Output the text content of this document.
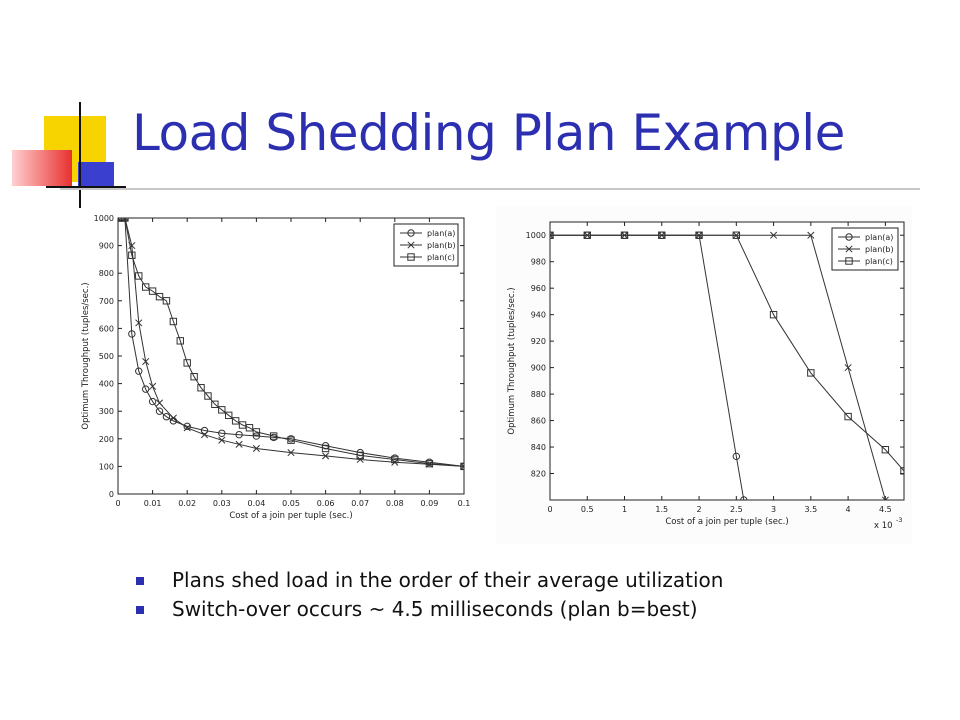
Load Shedding Plan Example
0
100
200
300
400
500
600
700
800
900
1000
0	0.01 0.02 0.03 0.04 0.05 0.06 0.07 0.08 0.09 0.1
Cost of a join per tuple (sec.)
Optimum Throughput (tuples/sec.)
plan(a)
plan(b)
plan(c)
820
840
860
880
900
920
940
960
980
1000
0	0.5	1	1.5	2	2.5	3	3.5	4	4.5
Cost of a join per tuple (sec.)
Optimum Throughput (tuples/sec.)
x 10
-3
plan(a)
plan(b)
plan(c)
Plans shed load in the order of their average utilization
Switch-over occurs ~ 4.5 milliseconds (plan b=best)
